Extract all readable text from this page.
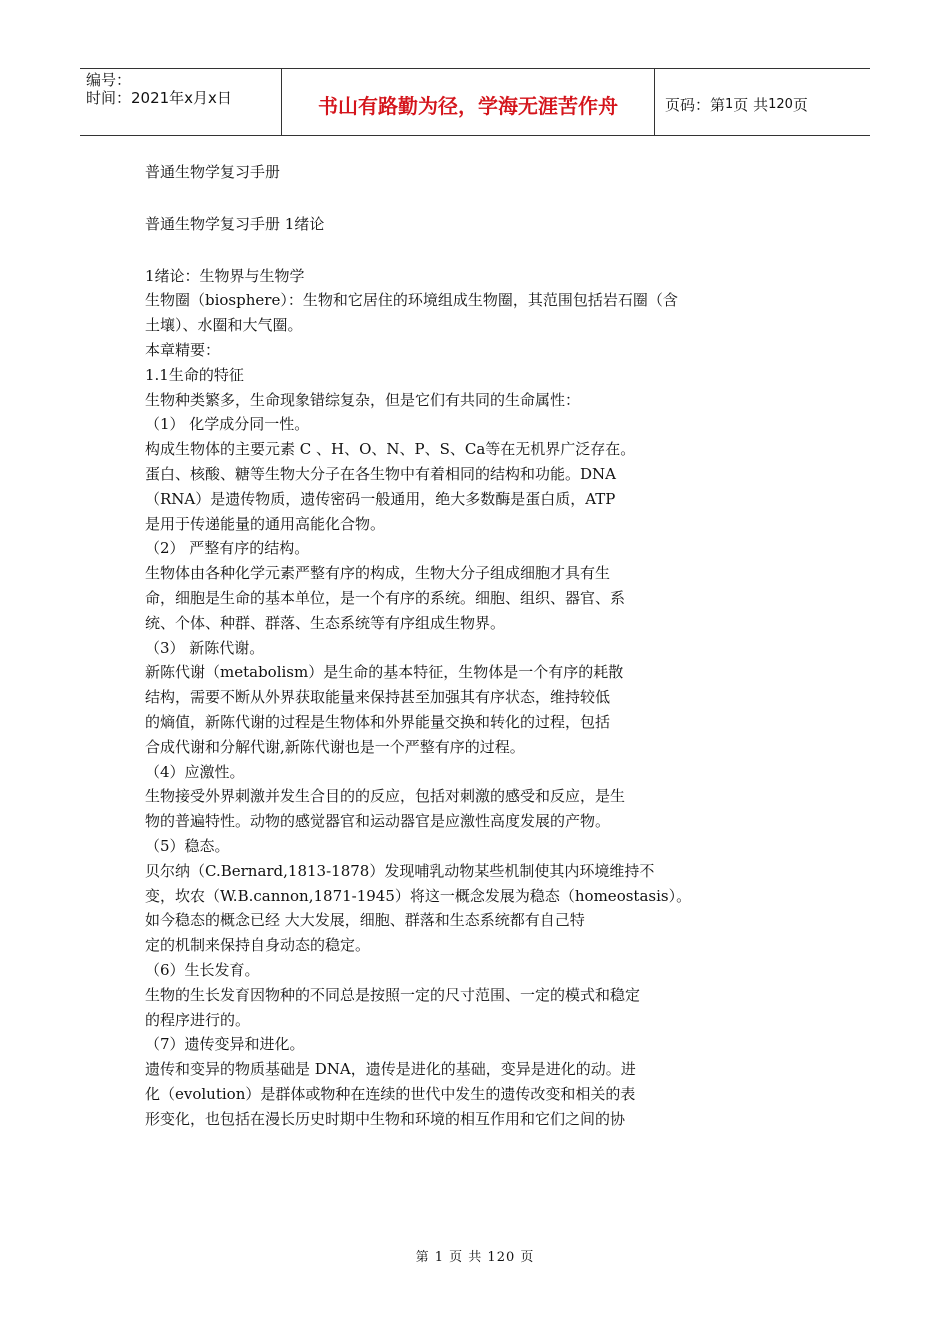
编号：
时间：2021年x月x日	书山有路勤为径，学海无涯苦作舟	页码：第 1 页 共 120 页

普通生物学复习手册

普通生物学复习手册 1绪论

1绪论：生物界与生物学

生物圈（biosphere）：生物和它居住的环境组成生物圈，其范围包括岩石圈（含

土壤）、水圈和大气圈。

本章精要：

1.1生命的特征

生物种类繁多，生命现象错综复杂，但是它们有共同的生命属性：

（1） 化学成分同一性。

构成生物体的主要元素 C 、H、O、N、P、S、Ca等在无机界广泛存在。

蛋白、核酸、糖等生物大分子在各生物中有着相同的结构和功能。DNA

（RNA）是遗传物质，遗传密码一般通用，绝大多数酶是蛋白质，ATP

是用于传递能量的通用高能化合物。

（2） 严整有序的结构。

生物体由各种化学元素严整有序的构成，生物大分子组成细胞才具有生

命，细胞是生命的基本单位，是一个有序的系统。细胞、组织、器官、系

统、个体、种群、群落、生态系统等有序组成生物界。

（3） 新陈代谢。

新陈代谢（metabolism）是生命的基本特征，生物体是一个有序的耗散

结构，需要不断从外界获取能量来保持甚至加强其有序状态，维持较低

的熵值，新陈代谢的过程是生物体和外界能量交换和转化的过程，包括

合成代谢和分解代谢,新陈代谢也是一个严整有序的过程。

（4）应激性。

生物接受外界刺激并发生合目的的反应，包括对刺激的感受和反应，是生

物的普遍特性。动物的感觉器官和运动器官是应激性高度发展的产物。

（5）稳态。

贝尔纳（C.Bernard,1813-1878）发现哺乳动物某些机制使其内环境维持不

变，坎农（W.B.cannon,1871-1945）将这一概念发展为稳态（homeostasis）。

如今稳态的概念已经 大大发展，细胞、群落和生态系统都有自己特

定的机制来保持自身动态的稳定。

（6）生长发育。

生物的生长发育因物种的不同总是按照一定的尺寸范围、一定的模式和稳定

的程序进行的。

（7）遗传变异和进化。

遗传和变异的物质基础是 DNA，遗传是进化的基础，变异是进化的动。进

化（evolution）是群体或物种在连续的世代中发生的遗传改变和相关的表

形变化，也包括在漫长历史时期中生物和环境的相互作用和它们之间的协

第 1 页 共 120 页
